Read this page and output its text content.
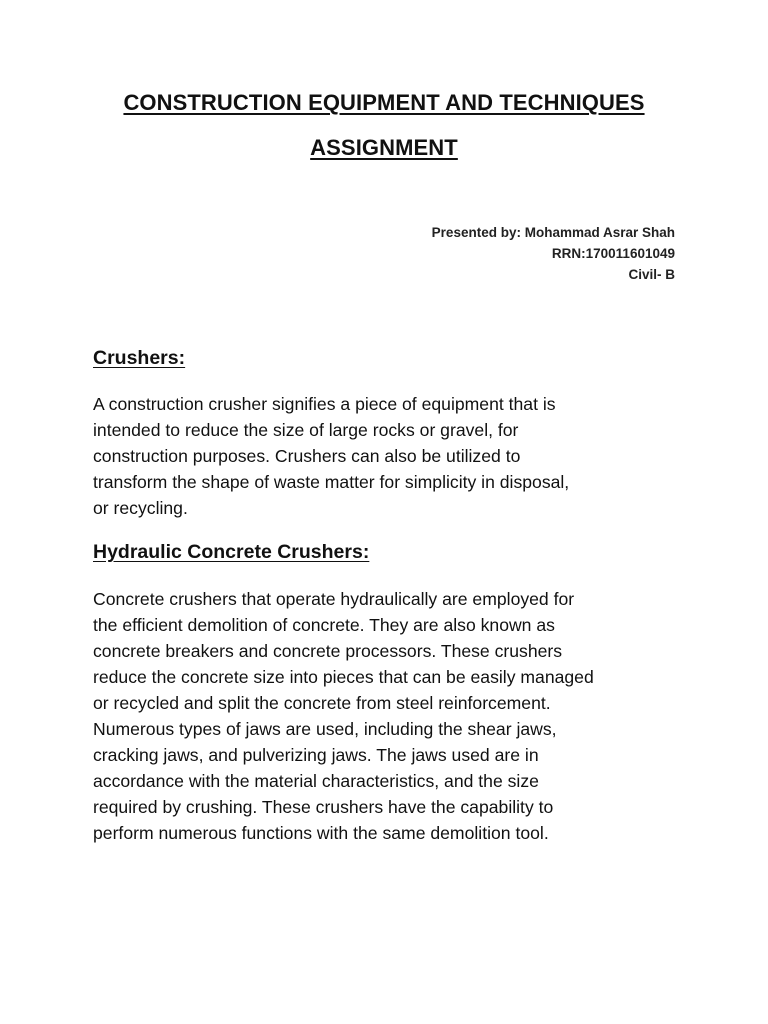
CONSTRUCTION EQUIPMENT AND TECHNIQUES
ASSIGNMENT
Presented by: Mohammad Asrar Shah
RRN:170011601049
Civil- B
Crushers:
A construction crusher signifies a piece of equipment that is
intended to reduce the size of large rocks or gravel, for
construction purposes. Crushers can also be utilized to
transform the shape of waste matter for simplicity in disposal,
or recycling.
Hydraulic Concrete Crushers:
Concrete crushers that operate hydraulically are employed for
the efficient demolition of concrete. They are also known as
concrete breakers and concrete processors. These crushers
reduce the concrete size into pieces that can be easily managed
or recycled and split the concrete from steel reinforcement.
Numerous types of jaws are used, including the shear jaws,
cracking jaws, and pulverizing jaws. The jaws used are in
accordance with the material characteristics, and the size
required by crushing. These crushers have the capability to
perform numerous functions with the same demolition tool.
